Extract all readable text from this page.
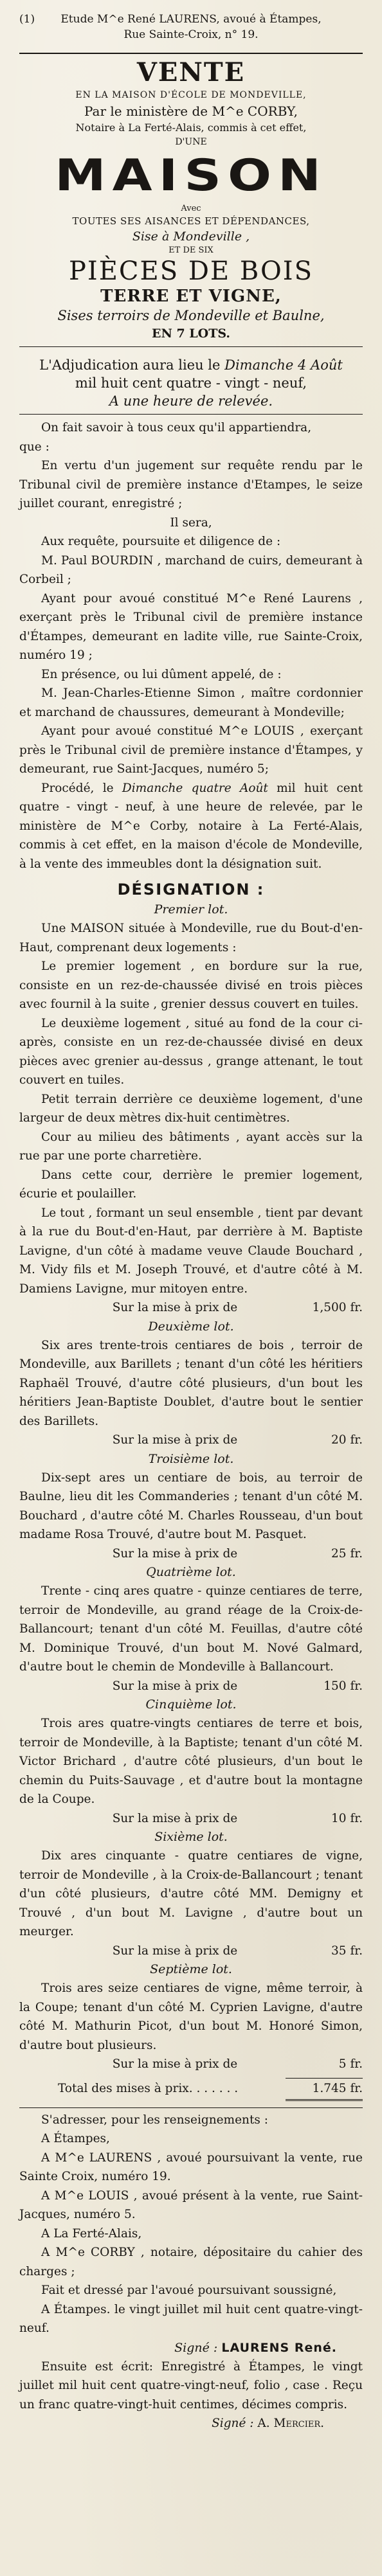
(1)	Etude M^e René LAURENS, avoué à Étampes,
Rue Sainte-Croix, n° 19.
VENTE
EN LA MAISON D'ÉCOLE DE MONDEVILLE,
Par le ministère de M^e CORBY,
Notaire à La Ferté-Alais, commis à cet effet,
D'UNE
MAISON
Avec
TOUTES SES AISANCES ET DÉPENDANCES,
Sise à Mondeville ,
ET DE SIX
PIÈCES DE BOIS
TERRE ET VIGNE,
Sises terroirs de Mondeville et Baulne,
EN 7 LOTS.
L'Adjudication aura lieu le Dimanche 4 Août
mil huit cent quatre - vingt - neuf,
A une heure de relevée.

On fait savoir à tous ceux qu'il appartiendra,

que :

En vertu d'un jugement sur requête rendu par le Tribunal civil de première instance d'Etampes, le seize juillet courant, enregistré ;

Il sera,

Aux requête, poursuite et diligence de :

M. Paul BOURDIN , marchand de cuirs, demeurant à Corbeil ;

Ayant pour avoué constitué M^e René Laurens , exerçant près le Tribunal civil de première instance d'Étampes, demeurant en ladite ville, rue Sainte-Croix, numéro 19 ;

En présence, ou lui dûment appelé, de :

M. Jean-Charles-Etienne Simon , maître cordonnier et marchand de chaussures, demeurant à Mondeville;

Ayant pour avoué constitué M^e LOUIS , exerçant près le Tribunal civil de première instance d'Étampes, y demeurant, rue Saint-Jacques, numéro 5;

Procédé, le Dimanche quatre Août mil huit cent quatre - vingt - neuf, à une heure de relevée, par le ministère de M^e Corby, notaire à La Ferté-Alais, commis à cet effet, en la maison d'école de Mondeville, à la vente des immeubles dont la désignation suit.

DÉSIGNATION :
Premier lot.

Une MAISON située à Mondeville, rue du Bout-d'en-Haut, comprenant deux logements :

Le premier logement , en bordure sur la rue, consiste en un rez-de-chaussée divisé en trois pièces avec fournil à la suite , grenier dessus couvert en tuiles.

Le deuxième logement , situé au fond de la cour ci-après, consiste en un rez-de-chaussée divisé en deux pièces avec grenier au-dessus , grange attenant, le tout couvert en tuiles.

Petit terrain derrière ce deuxième logement, d'une largeur de deux mètres dix-huit centimètres.

Cour au milieu des bâtiments , ayant accès sur la rue par une porte charretière.

Dans cette cour, derrière le premier logement, écurie et poulailler.

Le tout , formant un seul ensemble , tient par devant à la rue du Bout-d'en-Haut, par derrière à M. Baptiste Lavigne, d'un côté à madame veuve Claude Bouchard , M. Vidy fils et M. Joseph Trouvé, et d'autre côté à M. Damiens Lavigne, mur mitoyen entre.

Sur la mise à prix de	1,500 fr.
Deuxième lot.

Six ares trente-trois centiares de bois , terroir de Mondeville, aux Barillets ; tenant d'un côté les héritiers Raphaël Trouvé, d'autre côté plusieurs, d'un bout les héritiers Jean-Baptiste Doublet, d'autre bout le sentier des Barillets.

Sur la mise à prix de	20 fr.
Troisième lot.

Dix-sept ares un centiare de bois, au terroir de Baulne, lieu dit les Commanderies ; tenant d'un côté M. Bouchard , d'autre côté M. Charles Rousseau, d'un bout madame Rosa Trouvé, d'autre bout M. Pasquet.

Sur la mise à prix de	25 fr.
Quatrième lot.

Trente - cinq ares quatre - quinze centiares de terre, terroir de Mondeville, au grand réage de la Croix-de-Ballancourt; tenant d'un côté M. Feuillas, d'autre côté M. Dominique Trouvé, d'un bout M. Nové Galmard, d'autre bout le chemin de Mondeville à Ballancourt.

Sur la mise à prix de	150 fr.
Cinquième lot.

Trois ares quatre-vingts centiares de terre et bois, terroir de Mondeville, à la Baptiste; tenant d'un côté M. Victor Brichard , d'autre côté plusieurs, d'un bout le chemin du Puits-Sauvage , et d'autre bout la montagne de la Coupe.

Sur la mise à prix de	10 fr.
Sixième lot.

Dix ares cinquante - quatre centiares de vigne, terroir de Mondeville , à la Croix-de-Ballancourt ; tenant d'un côté plusieurs, d'autre côté MM. Demigny et Trouvé , d'un bout M. Lavigne , d'autre bout un meurger.

Sur la mise à prix de	35 fr.
Septième lot.

Trois ares seize centiares de vigne, même terroir, à la Coupe; tenant d'un côté M. Cyprien Lavigne, d'autre côté M. Mathurin Picot, d'un bout M. Honoré Simon, d'autre bout plusieurs.

Sur la mise à prix de	5 fr.
Total des mises à prix. . . . . . .	1.745 fr.

S'adresser, pour les renseignements :

A Étampes,

A M^e LAURENS , avoué poursuivant la vente, rue Sainte Croix, numéro 19.

A M^e LOUIS , avoué présent à la vente, rue Saint-Jacques, numéro 5.

A La Ferté-Alais,

A M^e CORBY , notaire, dépositaire du cahier des charges ;

Fait et dressé par l'avoué poursuivant soussigné,

A Étampes. le vingt juillet mil huit cent quatre-vingt-neuf.

Signé : LAURENS René.

Ensuite est écrit: Enregistré à Étampes, le vingt juillet mil huit cent quatre-vingt-neuf, folio , case . Reçu un franc quatre-vingt-huit centimes, décimes compris.

Signé : A. Mercier.
